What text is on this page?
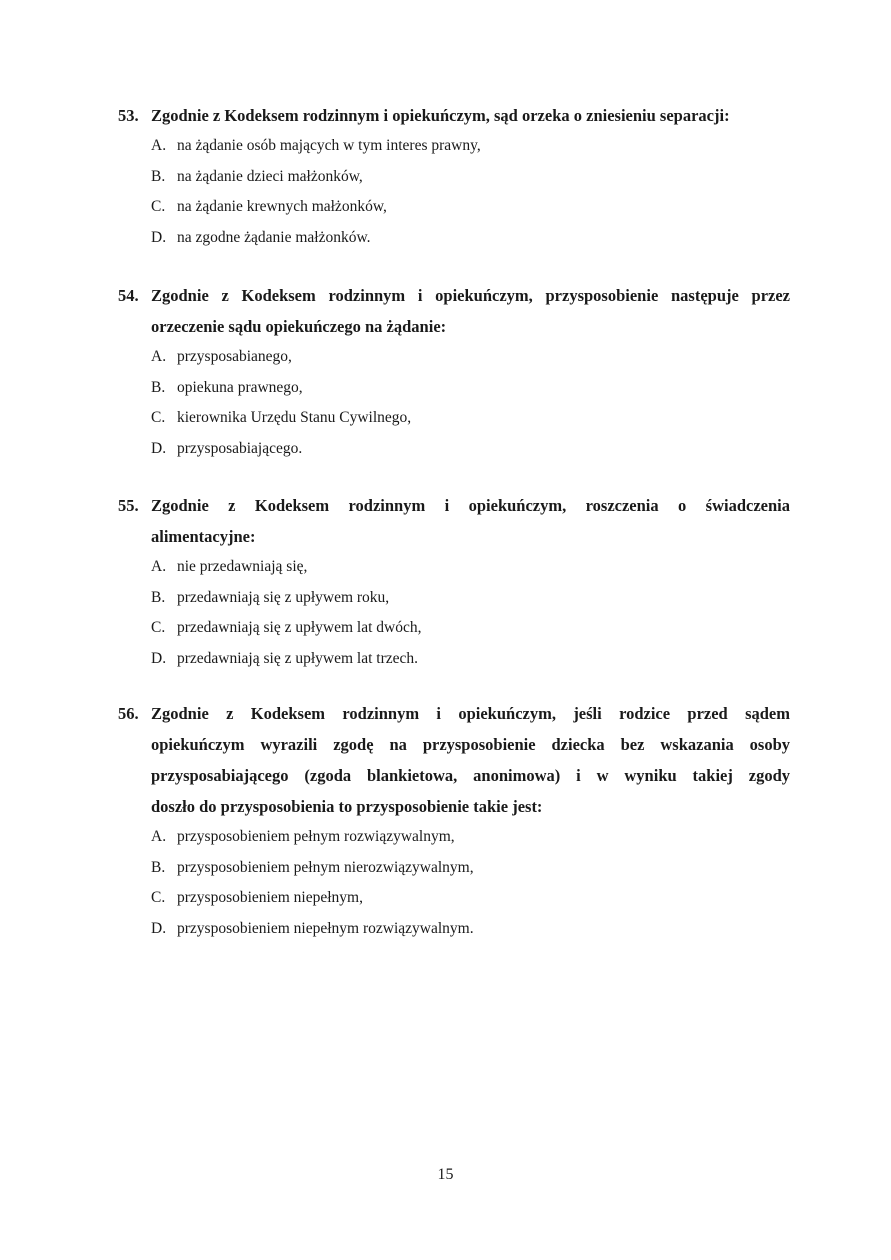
53. Zgodnie z Kodeksem rodzinnym i opiekuńczym, sąd orzeka o zniesieniu separacji:
A. na żądanie osób mających w tym interes prawny,
B. na żądanie dzieci małżonków,
C. na żądanie krewnych małżonków,
D. na zgodne żądanie małżonków.
54. Zgodnie z Kodeksem rodzinnym i opiekuńczym, przysposobienie następuje przez
orzeczenie sądu opiekuńczego na żądanie:
A. przysposabianego,
B. opiekuna prawnego,
C. kierownika Urzędu Stanu Cywilnego,
D. przysposabiającego.
55. Zgodnie z Kodeksem rodzinnym i opiekuńczym, roszczenia o świadczenia
alimentacyjne:
A. nie przedawniają się,
B. przedawniają się z upływem roku,
C. przedawniają się z upływem lat dwóch,
D. przedawniają się z upływem lat trzech.
56. Zgodnie z Kodeksem rodzinnym i opiekuńczym, jeśli rodzice przed sądem
opiekuńczym wyrazili zgodę na przysposobienie dziecka bez wskazania osoby
przysposabiającego (zgoda blankietowa, anonimowa) i w wyniku takiej zgody
doszło do przysposobienia to przysposobienie takie jest:
A. przysposobieniem pełnym rozwiązywalnym,
B. przysposobieniem pełnym nierozwiązywalnym,
C. przysposobieniem niepełnym,
D. przysposobieniem niepełnym rozwiązywalnym.
15
